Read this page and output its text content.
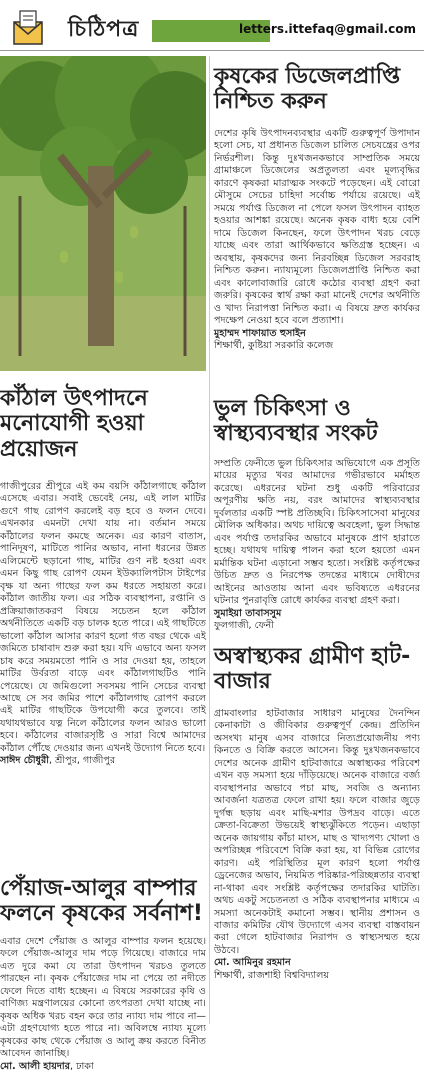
চিঠিপত্র	letters.ittefaq@gmail.com
কাঁঠাল উৎপাদনে মনোযোগী হওয়া প্রয়োজন

গাজীপুরের শ্রীপুরে এই কম বয়সি কাঁঠালগাছে কাঁঠাল এসেছে এবার। সবাই ভেবেই নেয়, এই লাল মাটির গুণে গাছ রোপণ করলেই বড় হবে ও ফলন দেবে। এখনকার এমনটা দেখা যায় না। বর্তমান সময়ে কাঁঠালের ফলন কমছে অনেক। এর কারণ বাতাস, পানিদূষণ, মাটিতে পানির অভাব, নানা ধরনের উন্নত এলিমেন্টে ছড়ানো গাছ, মাটির গুণ নষ্ট হওয়া এবং এমন কিছু গাছ রোপণ যেমন ইউক্যালিপটাস টাইপের বৃক্ষ যা অন্য গাছের ফল কম ধরতে সহায়তা করে। কাঁঠাল জাতীয় ফল। এর সঠিক ব্যবস্থাপনা, রপ্তানি ও প্রক্রিয়াজাতকরণ বিষয়ে সচেতন হলে কাঁঠাল অর্থনীতিতে একটি বড় চালক হতে পারে। এই গাছটিতে ভালো কাঁঠাল আসার কারণ হলো গত বছর থেকে এই জমিতে চাষাবাদ শুরু করা হয়। যদি এভাবে অন্য ফসল চাষ করে সময়মতো পানি ও সার দেওয়া হয়, তাহলে মাটির উর্বরতা বাড়ে এবং কাঁঠালগাছটিও পানি পেয়েছে। যে জমিগুলো সবসময় পানি সেচের ব্যবস্থা আছে সে সব জমির পাশে কাঁঠালগাছ রোপণ করলে এই মাটির গাছটিকে উপযোগী করে তুলবে। তাই যথাযথভাবে যত্ন নিলে কাঁঠালের ফলন আরও ভালো হবে। কাঁঠালের বাজারসৃষ্টি ও সারা বিশ্বে আমাদের কাঁঠাল পৌঁছে দেওয়ার জন্য এখনই উদ্যোগ নিতে হবে।

সাঈদ চৌধুরী, শ্রীপুর, গাজীপুর

পেঁয়াজ-আলুর বাম্পার ফলনে কৃষকের সর্বনাশ!

এবার দেশে পেঁয়াজ ও আলুর বাম্পার ফলন হয়েছে। ফলে পেঁয়াজ-আলুর দাম পড়ে গিয়েছে। বাজারে দাম এত দুরে কমা যে তারা উৎপাদন খরচও তুলতে পারছেন না। কৃষক পেঁয়াজের দাম না পেয়ে তা নদীতে ফেলে দিতে বাধ্য হচ্ছেন। এ বিষয়ে সরকারের কৃষি ও বাণিজ্য মন্ত্রণালয়ের কোনো তৎপরতা দেখা যাচ্ছে না। কৃষক অধিক খরচ বহন করে তার ন্যায্য দাম পাবে না—এটা গ্রহণযোগ্য হতে পারে না। অবিলম্বে ন্যায্য মূল্যে কৃষকের কাছ থেকে পেঁয়াজ ও আলু ক্রয় করতে বিনীত আবেদন জানাচ্ছি।

মো. আলী হায়দার, ঢাকা

কৃষকের ডিজেলপ্রাপ্তি নিশ্চিত করুন

দেশের কৃষি উৎপাদনব্যবস্থার একটি গুরুত্বপূর্ণ উপাদান হলো সেচ, যা প্রধানত ডিজেল চালিত সেচযন্ত্রের ওপর নির্ভরশীল। কিন্তু দুঃখজনকভাবে সাম্প্রতিক সময়ে গ্রামাঞ্চলে ডিজেলের অপ্রতুলতা এবং মূল্যবৃদ্ধির কারণে কৃষকরা মারাত্মক সংকটে পড়েছেন। এই বোরো মৌসুমে সেচের চাহিদা সর্বোচ্চ পর্যায়ে রয়েছে। এই সময়ে পর্যাপ্ত ডিজেল না পেলে ফসল উৎপাদন ব্যাহত হওয়ার আশঙ্কা রয়েছে। অনেক কৃষক বাধ্য হয়ে বেশি দামে ডিজেল কিনছেন, ফলে উৎপাদন খরচ বেড়ে যাচ্ছে এবং তারা আর্থিকভাবে ক্ষতিগ্রস্ত হচ্ছেন। এ অবস্থায়, কৃষকদের জন্য নিরবচ্ছিন্ন ডিজেল সরবরাহ নিশ্চিত করুন। ন্যায্যমূল্যে ডিজেলপ্রাপ্তি নিশ্চিত করা এবং কালোবাজারি রোধে কঠোর ব্যবস্থা গ্রহণ করা জরুরি। কৃষকের স্বার্থ রক্ষা করা মানেই দেশের অর্থনীতি ও খাদ্য নিরাপত্তা নিশ্চিত করা। এ বিষয়ে দ্রুত কার্যকর পদক্ষেপ নেওয়া হবে বলে প্রত্যাশা।

মুহাম্মদ শাফায়াত হুসাইন

শিক্ষার্থী, কুষ্টিয়া সরকারি কলেজ

ভুল চিকিৎসা ও স্বাস্থ্যব্যবস্থার সংকট

সম্প্রতি ফেনীতে ভুল চিকিৎসার অভিযোগে এক প্রসূতি মায়ের মৃত্যুর খবর আমাদের গভীরভাবে মর্মাহত করেছে। এধরনের ঘটনা শুধু একটি পরিবারের অপূরণীয় ক্ষতি নয়, বরং আমাদের স্বাস্থ্যব্যবস্থার দুর্বলতার একটি স্পষ্ট প্রতিচ্ছবি। চিকিৎসাসেবা মানুষের মৌলিক অধিকার। অথচ দায়িত্বে অবহেলা, ভুল সিদ্ধান্ত এবং পর্যাপ্ত তদারকির অভাবে মানুষকে প্রাণ হারাতে হচ্ছে। যথাযথ দায়িত্ব পালন করা হলে হয়তো এমন মর্মান্তিক ঘটনা এড়ানো সম্ভব হতো। সংশ্লিষ্ট কর্তৃপক্ষের উচিত দ্রুত ও নিরপেক্ষ তদন্তের মাধ্যমে দোষীদের আইনের আওতায় আনা এবং ভবিষ্যতে এধরনের ঘটনার পুনরাবৃত্তি রোধে কার্যকর ব্যবস্থা গ্রহণ করা।

সুমাইয়া তাবাসসুম

ফুলগাজী, ফেনী

অস্বাস্থ্যকর গ্রামীণ হাট-বাজার

গ্রামবাংলার হাটবাজার সাধারণ মানুষের দৈনন্দিন কেনাকাটা ও জীবিকার গুরুত্বপূর্ণ কেন্দ্র। প্রতিদিন অসংখ্য মানুষ এসব বাজারে নিত্যপ্রয়োজনীয় পণ্য কিনতে ও বিক্রি করতে আসেন। কিন্তু দুঃখজনকভাবে দেশের অনেক গ্রামীণ হাটবাজারে অস্বাস্থ্যকর পরিবেশ এখন বড় সমস্যা হয়ে দাঁড়িয়েছে। অনেক বাজারে বর্জ্য ব্যবস্থাপনার অভাবে পচা মাছ, সবজি ও অন্যান্য আবর্জনা যত্রতত্র ফেলে রাখা হয়। ফলে বাজার জুড়ে দুর্গন্ধ ছড়ায় এবং মাছি-মশার উপদ্রব বাড়ে। এতে ক্রেতা-বিক্রেতা উভয়েই স্বাস্থ্যঝুঁকিতে পড়েন। এছাড়া অনেক জায়গায় কাঁচা মাংস, মাছ ও খাদ্যপণ্য খোলা ও অপরিচ্ছন্ন পরিবেশে বিক্রি করা হয়, যা বিভিন্ন রোগের কারণ। এই পরিস্থিতির মূল কারণ হলো পর্যাপ্ত ড্রেনেজের অভাব, নিয়মিত পরিষ্কার-পরিচ্ছন্নতার ব্যবস্থা না-থাকা এবং সংশ্লিষ্ট কর্তৃপক্ষের তদারকির ঘাটতি। অথচ একটু সচেতনতা ও সঠিক ব্যবস্থাপনার মাধ্যমে এ সমস্যা অনেকটাই কমানো সম্ভব। স্থানীয় প্রশাসন ও বাজার কমিটির যৌথ উদ্যোগে এসব ব্যবস্থা বাস্তবায়ন করা গেলে হাটবাজার নিরাপদ ও স্বাস্থ্যসম্মত হয়ে উঠবে।

মো. আমিনুর রহমান

শিক্ষার্থী, রাজশাহী বিশ্ববিদ্যালয়
